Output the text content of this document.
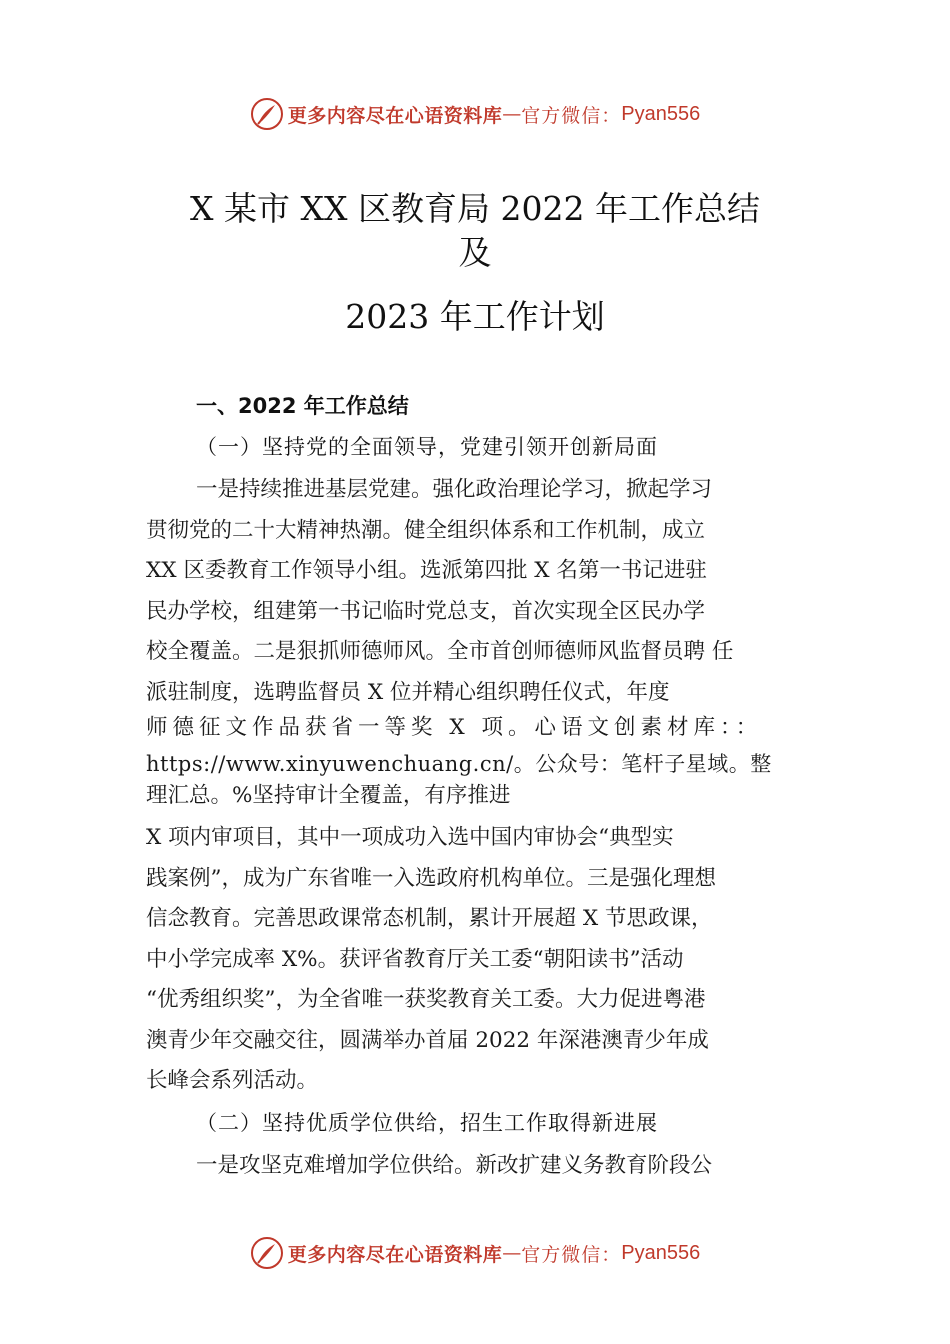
更多内容尽在心语资料库 — 官方微信： Pyan556
X 某市 XX 区教育局 2022 年工作总结
及
2023 年工作计划
一、2022 年工作总结
（一）坚持党的全面领导，党建引领开创新局面
一是持续推进基层党建。强化政治理论学习，掀起学习
贯彻党的二十大精神热潮。健全组织体系和工作机制，成立
XX 区委教育工作领导小组。选派第四批 X 名第一书记进驻
民办学校，组建第一书记临时党总支，首次实现全区民办学
校全覆盖。二是狠抓师德师风。全市首创师德师风监督员聘 任
派驻制度，选聘监督员 X 位并精心组织聘任仪式，年度
师德征文作品获省一等奖 X 项。心语文创素材库：：
https://www.xinyuwenchuang.cn/。公众号：笔杆子星域。整
理汇总。%坚持审计全覆盖，有序推进
X 项内审项目，其中一项成功入选中国内审协会“典型实
践案例”，成为广东省唯一入选政府机构单位。三是强化理想
信念教育。完善思政课常态机制，累计开展超 X 节思政课，
中小学完成率 X%。获评省教育厅关工委“朝阳读书”活动
“优秀组织奖”，为全省唯一获奖教育关工委。大力促进粤港
澳青少年交融交往，圆满举办首届 2022 年深港澳青少年成
长峰会系列活动。
（二）坚持优质学位供给，招生工作取得新进展
一是攻坚克难增加学位供给。新改扩建义务教育阶段公
更多内容尽在心语资料库 — 官方微信： Pyan556
